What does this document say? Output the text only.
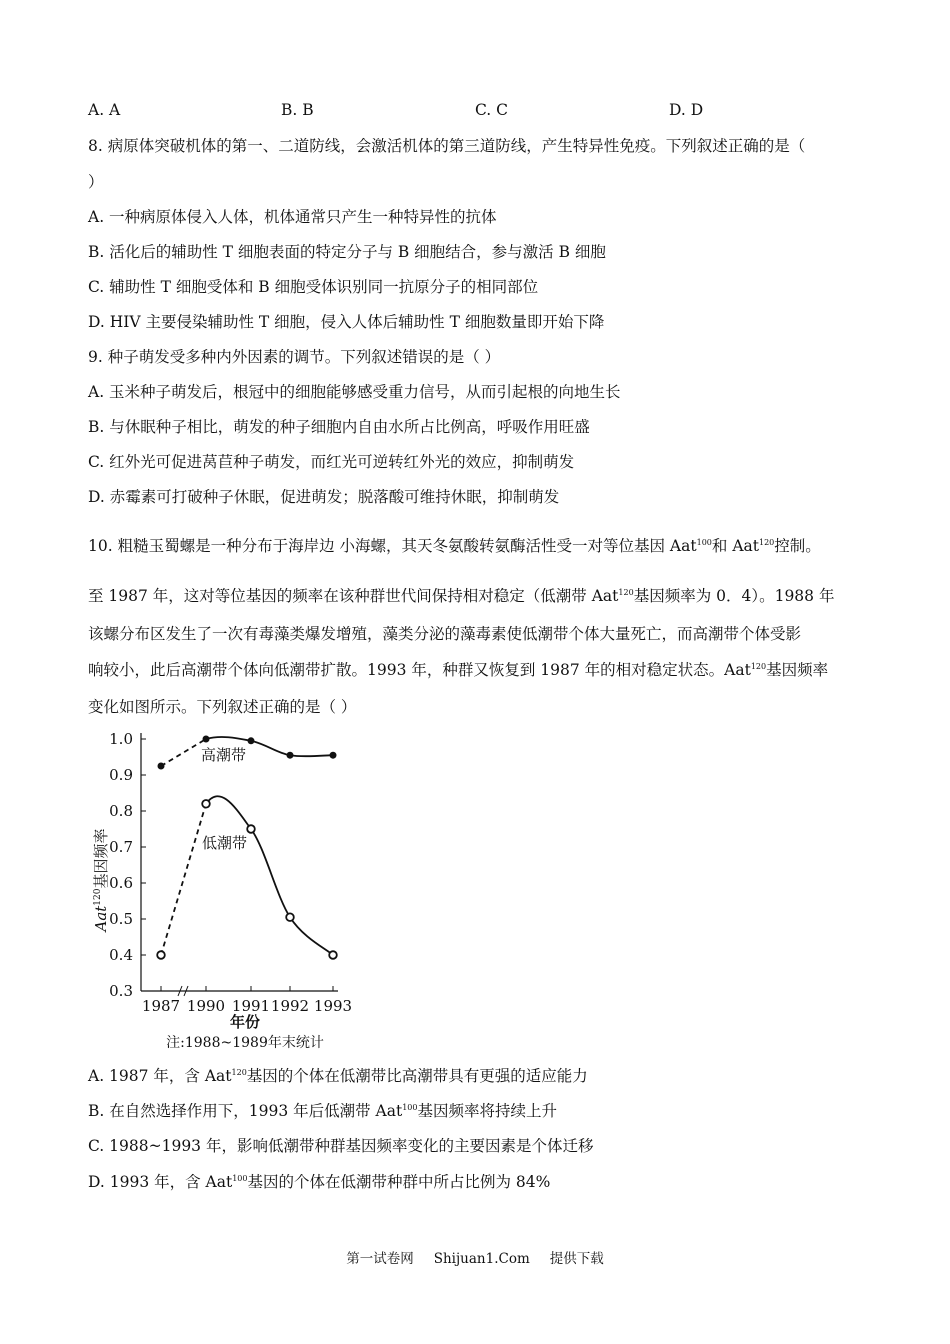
A. A	B. B	C. C	D. D
8. 病原体突破机体的第一、二道防线，会激活机体的第三道防线，产生特异性免疫。下列叙述正确的是（
）
A. 一种病原体侵入人体，机体通常只产生一种特异性的抗体
B. 活化后的辅助性 T 细胞表面的特定分子与 B 细胞结合，参与激活 B 细胞
C. 辅助性 T 细胞受体和 B 细胞受体识别同一抗原分子的相同部位
D. HIV 主要侵染辅助性 T 细胞，侵入人体后辅助性 T 细胞数量即开始下降
9. 种子萌发受多种内外因素的调节。下列叙述错误的是（ ）
A. 玉米种子萌发后，根冠中的细胞能够感受重力信号，从而引起根的向地生长
B. 与休眠种子相比，萌发的种子细胞内自由水所占比例高，呼吸作用旺盛
C. 红外光可促进莴苣种子萌发，而红光可逆转红外光的效应，抑制萌发
D. 赤霉素可打破种子休眠，促进萌发；脱落酸可维持休眠，抑制萌发
10. 粗糙玉蜀螺是一种分布于海岸边 小海螺，其天冬氨酸转氨酶活性受一对等位基因 Aat$^{100}$和 Aat$^{120}$控制。
至 1987 年，这对等位基因的频率在该种群世代间保持相对稳定（低潮带 Aat$^{120}$基因频率为 0．4）。1988 年
该螺分布区发生了一次有毒藻类爆发增殖，藻类分泌的藻毒素使低潮带个体大量死亡，而高潮带个体受影
响较小，此后高潮带个体向低潮带扩散。1993 年，种群又恢复到 1987 年的相对稳定状态。Aat$^{120}$基因频率
变化如图所示。下列叙述正确的是（ ）
1.0
0.9
0.8
0.7
0.6
0.5
0.4
0.3
1987 1990 1991 1992 1993
年份
注:1988~1989年末统计
Aat$^{120}$基因频率
高潮带
低潮带
A. 1987 年，含 Aat$^{120}$基因的个体在低潮带比高潮带具有更强的适应能力
B. 在自然选择作用下，1993 年后低潮带 Aat$^{100}$基因频率将持续上升
C. 1988~1993 年，影响低潮带种群基因频率变化的主要因素是个体迁移
D. 1993 年，含 Aat$^{100}$基因的个体在低潮带种群中所占比例为 84%
第一试卷网 Shijuan1.Com 提供下载
